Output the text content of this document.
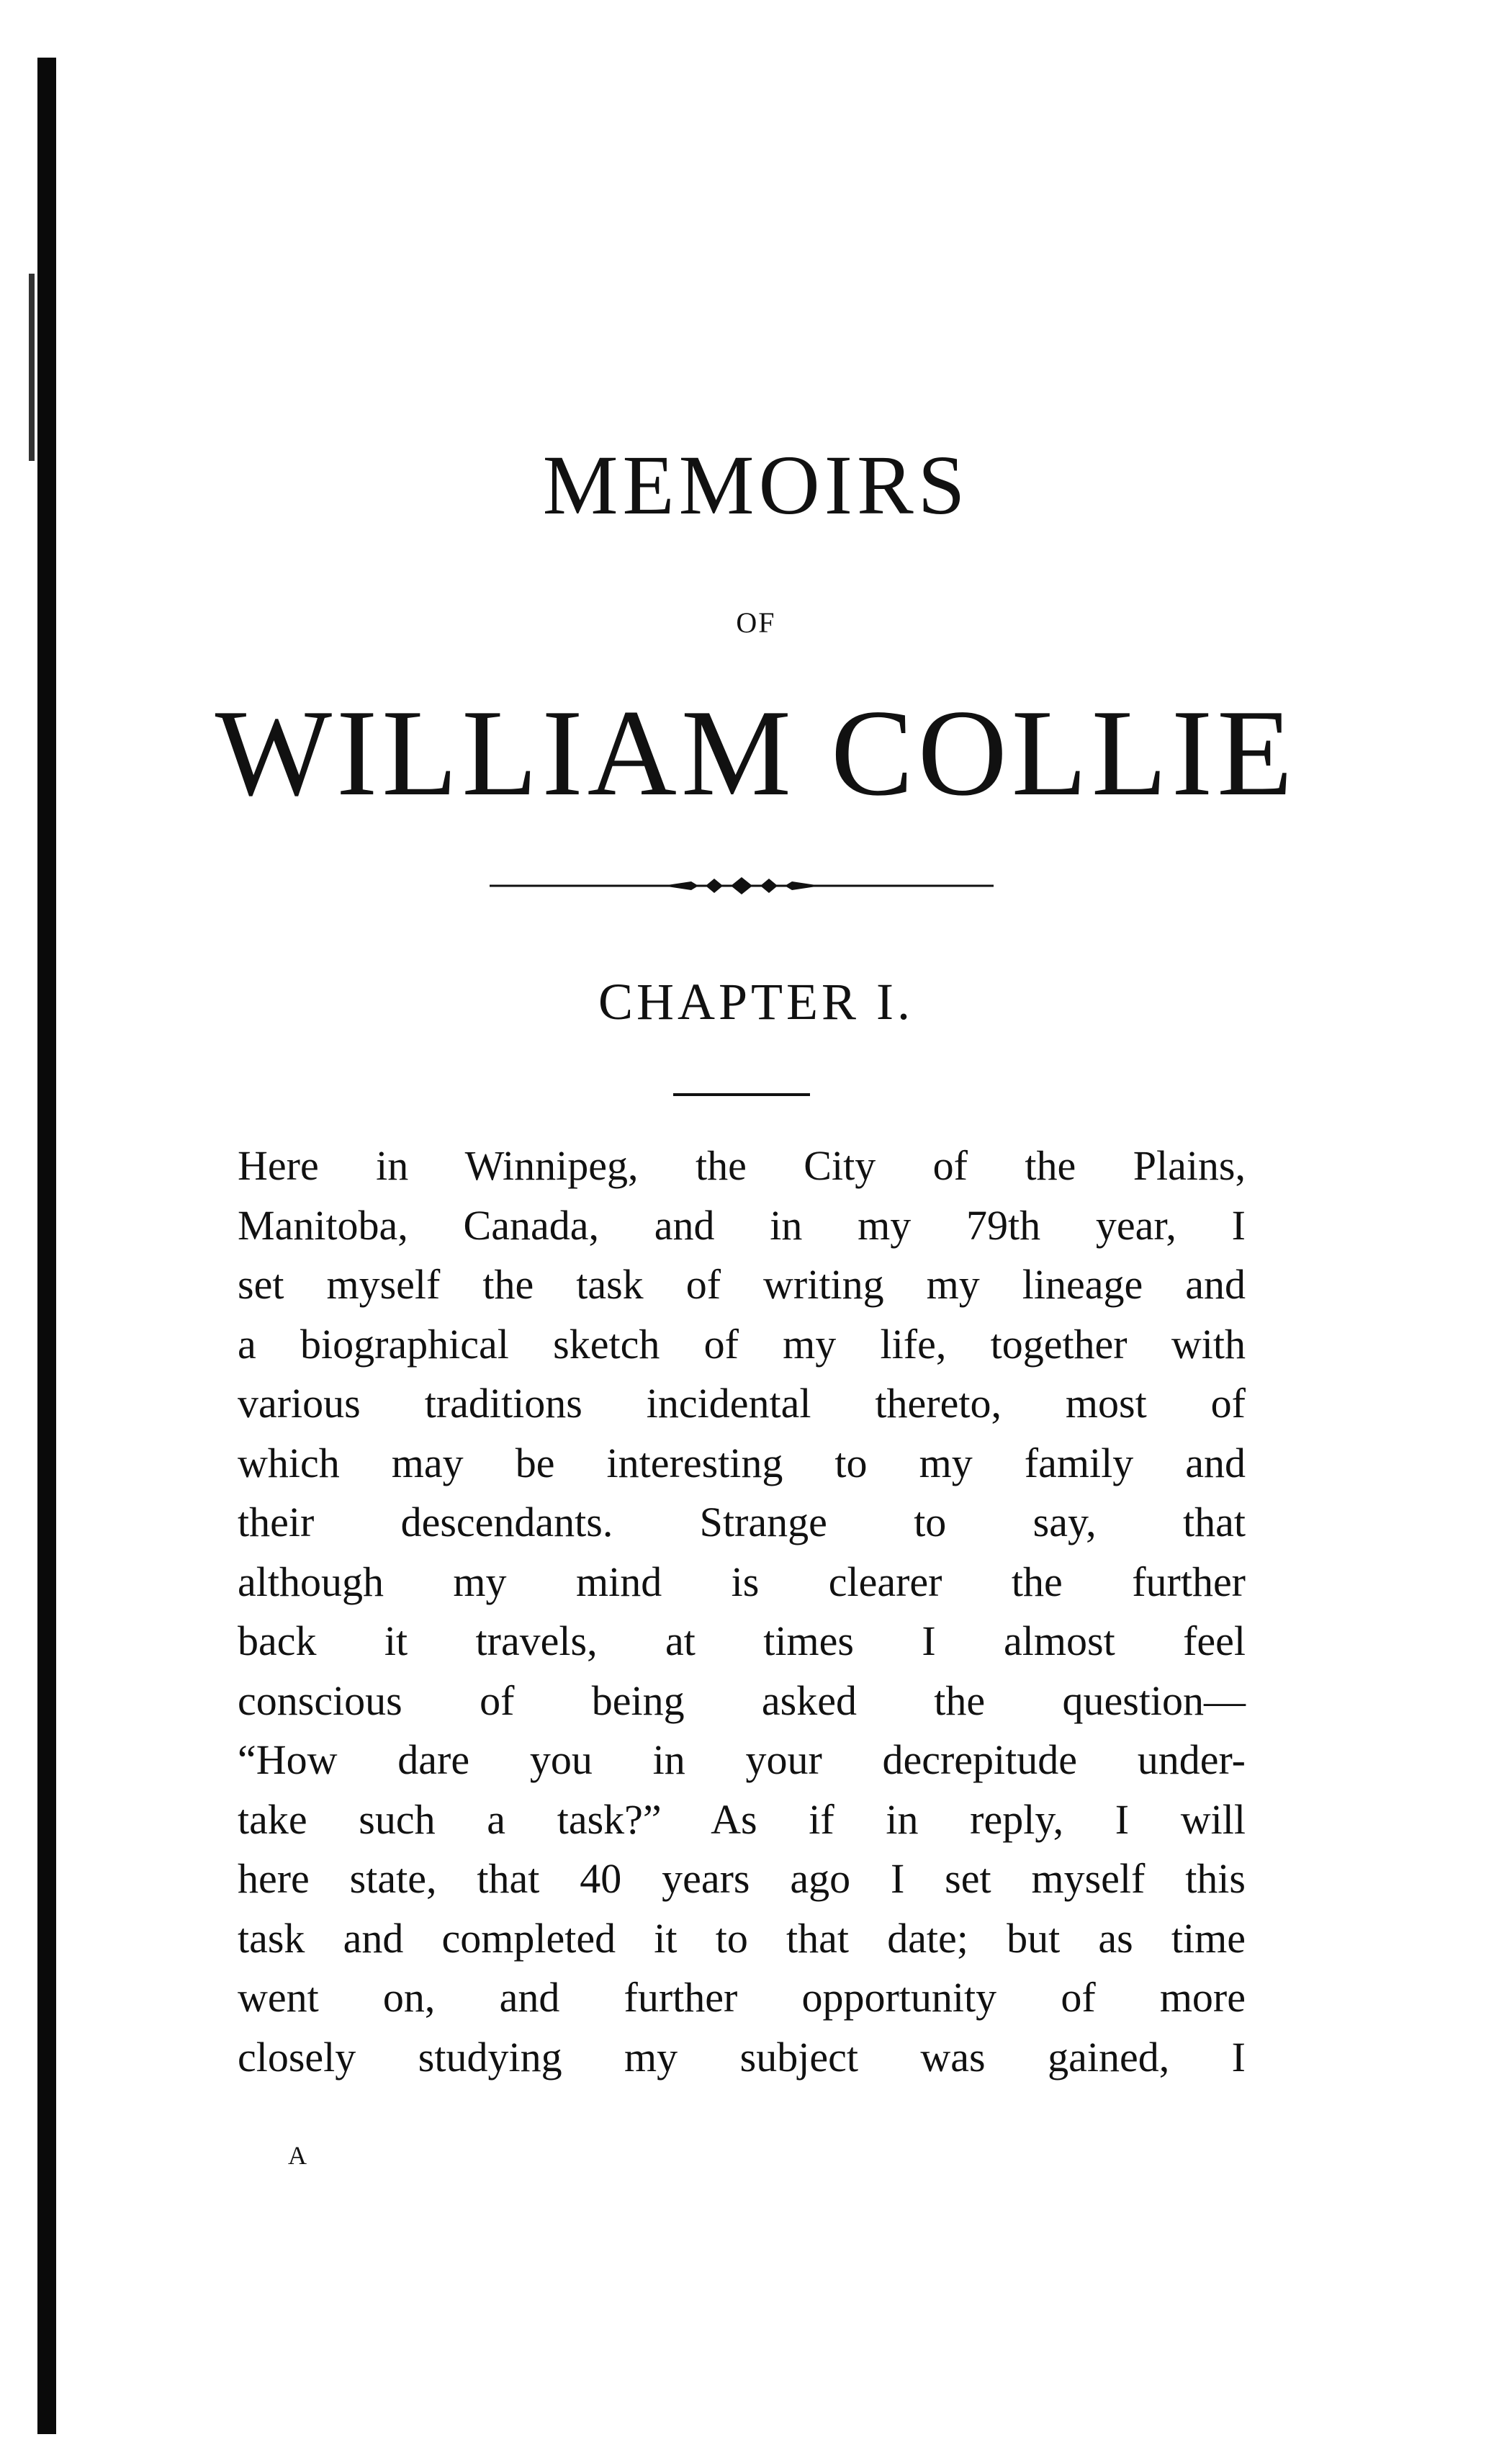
MEMOIRS
OF
WILLIAM COLLIE
CHAPTER I.
Here in Winnipeg, the City of the Plains,
Manitoba, Canada, and in my 79th year, I
set myself the task of writing my lineage and
a biographical sketch of my life, together with
various traditions incidental thereto, most of
which may be interesting to my family and
their descendants. Strange to say, that
although my mind is clearer the further
back it travels, at times I almost feel
conscious of being asked the question—
“How dare you in your decrepitude under-
take such a task?” As if in reply, I will
here state, that 40 years ago I set myself this
task and completed it to that date; but as time
went on, and further opportunity of more
closely studying my subject was gained, I
A
